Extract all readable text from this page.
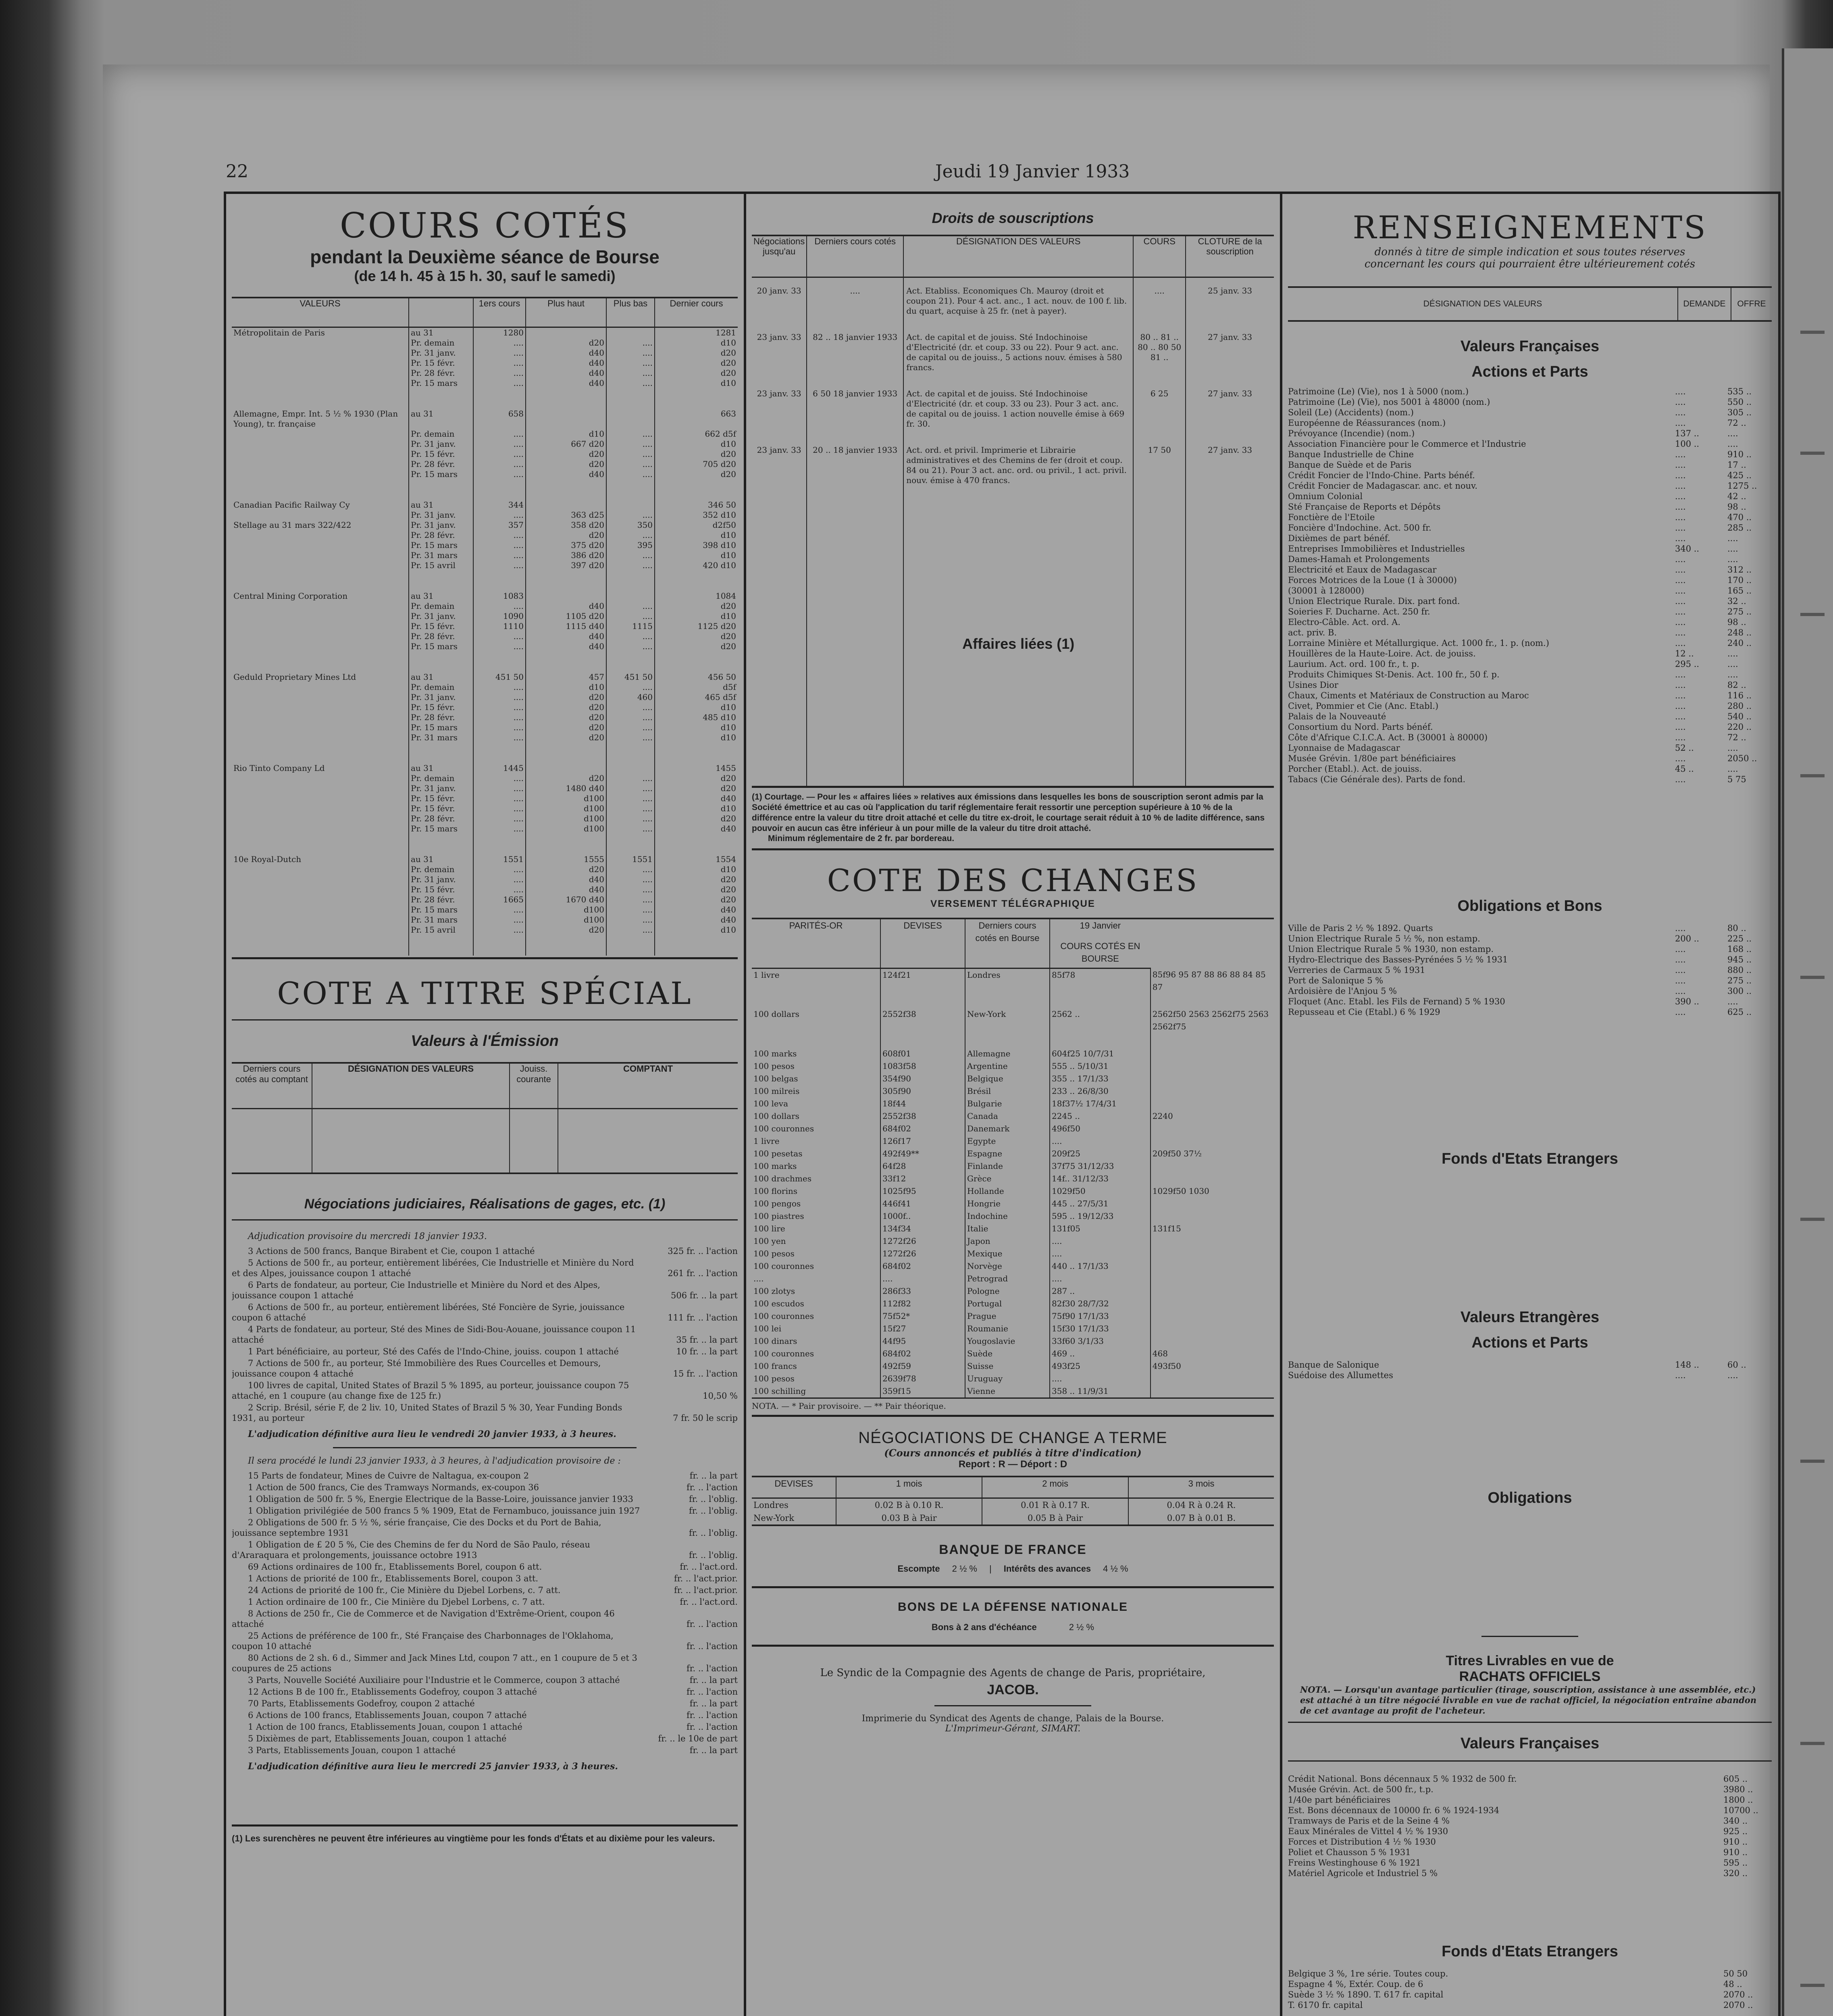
22	Jeudi 19 Janvier 1933
COURS COTÉS
pendant la Deuxième séance de Bourse
(de 14 h. 45 à 15 h. 30, sauf le samedi)
VALEURS		1ers cours	Plus haut	Plus bas	Dernier cours
Métropolitain de Paris	au 31	1280			1281
	Pr. demain	....	d20	....	d10
	Pr. 31 janv.	....	d40	....	d20
	Pr. 15 févr.	....	d40	....	d20
	Pr. 28 févr.	....	d40	....	d20
	Pr. 15 mars	....	d40	....	d10

Allemagne, Empr. Int. 5 ½ % 1930 (Plan Young), tr. française	au 31	658			663
	Pr. demain	....	d10	....	662 d5f
	Pr. 31 janv.	....	667 d20	....	d10
	Pr. 15 févr.	....	d20	....	d20
	Pr. 28 févr.	....	d20	....	705 d20
	Pr. 15 mars	....	d40	....	d20

Canadian Pacific Railway Cy	au 31	344			346 50
	Pr. 31 janv.	....	363 d25	....	352 d10
Stellage au 31 mars 322/422	Pr. 31 janv.	357	358 d20	350	d2f50
	Pr. 28 févr.	....	d20	....	d10
	Pr. 15 mars	....	375 d20	395	398 d10
	Pr. 31 mars	....	386 d20	....	d10
	Pr. 15 avril	....	397 d20	....	420 d10

Central Mining Corporation	au 31	1083			1084
	Pr. demain	....	d40	....	d20
	Pr. 31 janv.	1090	1105 d20	....	d10
	Pr. 15 févr.	1110	1115 d40	1115	1125 d20
	Pr. 28 févr.	....	d40	....	d20
	Pr. 15 mars	....	d40	....	d20

Geduld Proprietary Mines Ltd	au 31	451 50	457	451 50	456 50
	Pr. demain	....	d10	....	d5f
	Pr. 31 janv.	....	d20	460	465 d5f
	Pr. 15 févr.	....	d20	....	d10
	Pr. 28 févr.	....	d20	....	485 d10
	Pr. 15 mars	....	d20	....	d10
	Pr. 31 mars	....	d20	....	d10

Rio Tinto Company Ld	au 31	1445			1455
	Pr. demain	....	d20	....	d20
	Pr. 31 janv.	....	1480 d40	....	d20
	Pr. 15 févr.	....	d100	....	d40
	Pr. 15 févr.	....	d100	....	d10
	Pr. 28 févr.	....	d100	....	d20
	Pr. 15 mars	....	d100	....	d40

10e Royal-Dutch	au 31	1551	1555	1551	1554
	Pr. demain	....	d20	....	d10
	Pr. 31 janv.	....	d40	....	d20
	Pr. 15 févr.	....	d40	....	d20
	Pr. 28 févr.	1665	1670 d40	....	d20
	Pr. 15 mars	....	d100	....	d40
	Pr. 31 mars	....	d100	....	d40
	Pr. 15 avril	....	d20	....	d10

COTE A TITRE SPÉCIAL
Valeurs à l'Émission
Derniers cours cotés au comptant	DÉSIGNATION DES VALEURS	Jouiss. courante	COMPTANT

Négociations judiciaires, Réalisations de gages, etc. (1)
Adjudication provisoire du mercredi 18 janvier 1933.
3 Actions de 500 francs, Banque Birabent et Cie, coupon 1 attaché	325 fr. .. l'action
5 Actions de 500 fr., au porteur, entièrement libérées, Cie Industrielle et Minière du Nord et des Alpes, jouissance coupon 1 attaché	261 fr. .. l'action
6 Parts de fondateur, au porteur, Cie Industrielle et Minière du Nord et des Alpes, jouissance coupon 1 attaché	506 fr. .. la part
6 Actions de 500 fr., au porteur, entièrement libérées, Sté Foncière de Syrie, jouissance coupon 6 attaché	111 fr. .. l'action
4 Parts de fondateur, au porteur, Sté des Mines de Sidi-Bou-Aouane, jouissance coupon 11 attaché	35 fr. .. la part
1 Part bénéficiaire, au porteur, Sté des Cafés de l'Indo-Chine, jouiss. coupon 1 attaché	10 fr. .. la part
7 Actions de 500 fr., au porteur, Sté Immobilière des Rues Courcelles et Demours, jouissance coupon 4 attaché	15 fr. .. l'action
100 livres de capital, United States of Brazil 5 % 1895, au porteur, jouissance coupon 75 attaché, en 1 coupure (au change fixe de 125 fr.)	10,50 %
2 Scrip. Brésil, série F, de 2 liv. 10, United States of Brazil 5 % 30, Year Funding Bonds 1931, au porteur	7 fr. 50 le scrip
L'adjudication définitive aura lieu le vendredi 20 janvier 1933, à 3 heures.
Il sera procédé le lundi 23 janvier 1933, à 3 heures, à l'adjudication provisoire de :
15 Parts de fondateur, Mines de Cuivre de Naltagua, ex-coupon 2	fr. .. la part
1 Action de 500 francs, Cie des Tramways Normands, ex-coupon 36	fr. .. l'action
1 Obligation de 500 fr. 5 %, Energie Electrique de la Basse-Loire, jouissance janvier 1933	fr. .. l'oblig.
1 Obligation privilégiée de 500 francs 5 % 1909, Etat de Fernambuco, jouissance juin 1927	fr. .. l'oblig.
2 Obligations de 500 fr. 5 ½ %, série française, Cie des Docks et du Port de Bahia, jouissance septembre 1931	fr. .. l'oblig.
1 Obligation de £ 20 5 %, Cie des Chemins de fer du Nord de São Paulo, réseau d'Araraquara et prolongements, jouissance octobre 1913	fr. .. l'oblig.
69 Actions ordinaires de 100 fr., Etablissements Borel, coupon 6 att.	fr. .. l'act.ord.
1 Actions de priorité de 100 fr., Etablissements Borel, coupon 3 att.	fr. .. l'act.prior.
24 Actions de priorité de 100 fr., Cie Minière du Djebel Lorbens, c. 7 att.	fr. .. l'act.prior.
1 Action ordinaire de 100 fr., Cie Minière du Djebel Lorbens, c. 7 att.	fr. .. l'act.ord.
8 Actions de 250 fr., Cie de Commerce et de Navigation d'Extrême-Orient, coupon 46 attaché	fr. .. l'action
25 Actions de préférence de 100 fr., Sté Française des Charbonnages de l'Oklahoma, coupon 10 attaché	fr. .. l'action
80 Actions de 2 sh. 6 d., Simmer and Jack Mines Ltd, coupon 7 att., en 1 coupure de 5 et 3 coupures de 25 actions	fr. .. l'action
3 Parts, Nouvelle Société Auxiliaire pour l'Industrie et le Commerce, coupon 3 attaché	fr. .. la part
12 Actions B de 100 fr., Etablissements Godefroy, coupon 3 attaché	fr. .. l'action
70 Parts, Etablissements Godefroy, coupon 2 attaché	fr. .. la part
6 Actions de 100 francs, Etablissements Jouan, coupon 7 attaché	fr. .. l'action
1 Action de 100 francs, Etablissements Jouan, coupon 1 attaché	fr. .. l'action
5 Dixièmes de part, Etablissements Jouan, coupon 1 attaché	fr. .. le 10e de part
3 Parts, Etablissements Jouan, coupon 1 attaché	fr. .. la part
L'adjudication définitive aura lieu le mercredi 25 janvier 1933, à 3 heures.
(1) Les surenchères ne peuvent être inférieures au vingtième pour les fonds d'États et au dixième pour les valeurs.
Droits de souscriptions
Négociations jusqu'au	Derniers cours cotés	DÉSIGNATION DES VALEURS	COURS	CLOTURE de la souscription
20 janv. 33	....	Act. Etabliss. Economiques Ch. Mauroy (droit et coupon 21). Pour 4 act. anc., 1 act. nouv. de 100 f. lib. du quart, acquise à 25 fr. (net à payer).	....	25 janv. 33
23 janv. 33	82 .. 18 janvier 1933	Act. de capital et de jouiss. Sté Indochinoise d'Electricité (dr. et coup. 33 ou 22). Pour 9 act. anc. de capital ou de jouiss., 5 actions nouv. émises à 580 francs.	80 .. 81 .. 80 .. 80 50 81 ..	27 janv. 33
23 janv. 33	6 50 18 janvier 1933	Act. de capital et de jouiss. Sté Indochinoise d'Electricité (dr. et coup. 33 ou 23). Pour 3 act. anc. de capital ou de jouiss. 1 action nouvelle émise à 669 fr. 30.	6 25	27 janv. 33
23 janv. 33	20 .. 18 janvier 1933	Act. ord. et privil. Imprimerie et Librairie administratives et des Chemins de fer (droit et coup. 84 ou 21). Pour 3 act. anc. ord. ou privil., 1 act. privil. nouv. émise à 470 francs.	17 50	27 janv. 33

		Affaires liées (1)		

(1) Courtage. — Pour les « affaires liées » relatives aux émissions dans lesquelles les bons de souscription seront admis par la Société émettrice et au cas où l'application du tarif réglementaire ferait ressortir une perception supérieure à 10 % de la différence entre la valeur du titre droit attaché et celle du titre ex-droit, le courtage serait réduit à 10 % de ladite différence, sans pouvoir en aucun cas être inférieur à un pour mille de la valeur du titre droit attaché.
Minimum réglementaire de 2 fr. par bordereau.
COTE DES CHANGES
VERSEMENT TÉLÉGRAPHIQUE
PARITÉS-OR	DEVISES	Derniers cours cotés en Bourse	19 Janvier
COURS COTÉS EN BOURSE	

1 livre	124f21	Londres	85f78	85f96 95 87 88 86 88 84 85 87
100 dollars	2552f38	New-York	2562 ..	2562f50 2563 2562f75 2563 2562f75
100 marks	608f01	Allemagne	604f25 10/7/31	
100 pesos	1083f58	Argentine	555 .. 5/10/31	
100 belgas	354f90	Belgique	355 .. 17/1/33	
100 milreis	305f90	Brésil	233 .. 26/8/30	
100 leva	18f44	Bulgarie	18f37½ 17/4/31	
100 dollars	2552f38	Canada	2245 ..	2240
100 couronnes	684f02	Danemark	496f50	
1 livre	126f17	Egypte	....	
100 pesetas	492f49**	Espagne	209f25	209f50 37½
100 marks	64f28	Finlande	37f75 31/12/33	
100 drachmes	33f12	Grèce	14f.. 31/12/33	
100 florins	1025f95	Hollande	1029f50	1029f50 1030
100 pengos	446f41	Hongrie	445 .. 27/5/31	
100 piastres	1000f..	Indochine	595 .. 19/12/33	
100 lire	134f34	Italie	131f05	131f15
100 yen	1272f26	Japon	....	
100 pesos	1272f26	Mexique	....	
100 couronnes	684f02	Norvège	440 .. 17/1/33	
....	....	Petrograd	....	
100 zlotys	286f33	Pologne	287 ..	
100 escudos	112f82	Portugal	82f30 28/7/32	
100 couronnes	75f52*	Prague	75f90 17/1/33	
100 lei	15f27	Roumanie	15f30 17/1/33	
100 dinars	44f95	Yougoslavie	33f60 3/1/33	
100 couronnes	684f02	Suède	469 ..	468
100 francs	492f59	Suisse	493f25	493f50
100 pesos	2639f78	Uruguay	....	
100 schilling	359f15	Vienne	358 .. 11/9/31	
NOTA. — * Pair provisoire. — ** Pair théorique.
NÉGOCIATIONS DE CHANGE A TERME
(Cours annoncés et publiés à titre d'indication)
Report : R — Déport : D
DEVISES	1 mois	2 mois	3 mois
Londres	0.02 B à 0.10 R.	0.01 R à 0.17 R.	0.04 R à 0.24 R.
New-York	0.03 B à Pair	0.05 B à Pair	0.07 B à 0.01 B.
BANQUE DE FRANCE
Escompte 2 ½ % | Intérêts des avances 4 ½ %
BONS DE LA DÉFENSE NATIONALE
Bons à 2 ans d'échéance	2 ½ %
Le Syndic de la Compagnie des Agents de change de Paris, propriétaire,
JACOB.
Imprimerie du Syndicat des Agents de change, Palais de la Bourse.
L'Imprimeur-Gérant, SIMART.
RENSEIGNEMENTS
donnés à titre de simple indication et sous toutes réserves
concernant les cours qui pourraient être ultérieurement cotés
DÉSIGNATION DES VALEURS	DEMANDE	OFFRE
Valeurs Françaises
Actions et Parts
Patrimoine (Le) (Vie), nos 1 à 5000 (nom.)	....	535 ..
Patrimoine (Le) (Vie), nos 5001 à 48000 (nom.)	....	550 ..
Soleil (Le) (Accidents) (nom.)	....	305 ..
Européenne de Réassurances (nom.)	....	72 ..
Prévoyance (Incendie) (nom.)	137 ..	....
Association Financière pour le Commerce et l'Industrie	100 ..	....
Banque Industrielle de Chine	....	910 ..
Banque de Suède et de Paris	....	17 ..
Crédit Foncier de l'Indo-Chine. Parts bénéf.	....	425 ..
Crédit Foncier de Madagascar. anc. et nouv.	....	1275 ..
Omnium Colonial	....	42 ..
Sté Française de Reports et Dépôts	....	98 ..
Fonctière de l'Etoile	....	470 ..
Foncière d'Indochine. Act. 500 fr.	....	285 ..
Dixièmes de part bénéf.	....	....
Entreprises Immobilières et Industrielles	340 ..	....
Dames-Hamah et Prolongements	....	....
Electricité et Eaux de Madagascar	....	312 ..
Forces Motrices de la Loue (1 à 30000)	....	170 ..
(30001 à 128000)	....	165 ..
Union Electrique Rurale. Dix. part fond.	....	32 ..
Soieries F. Ducharne. Act. 250 fr.	....	275 ..
Electro-Câble. Act. ord. A.	....	98 ..
act. priv. B.	....	248 ..
Lorraine Minière et Métallurgique. Act. 1000 fr., 1. p. (nom.)	....	240 ..
Houillères de la Haute-Loire. Act. de jouiss.	12 ..	....
Laurium. Act. ord. 100 fr., t. p.	295 ..	....
Produits Chimiques St-Denis. Act. 100 fr., 50 f. p.	....	....
Usines Dior	....	82 ..
Chaux, Ciments et Matériaux de Construction au Maroc	....	116 ..
Civet, Pommier et Cie (Anc. Etabl.)	....	280 ..
Palais de la Nouveauté	....	540 ..
Consortium du Nord. Parts bénéf.	....	220 ..
Côte d'Afrique C.I.C.A. Act. B (30001 à 80000)	....	72 ..
Lyonnaise de Madagascar	52 ..	....
Musée Grévin. 1/80e part bénéficiaires	....	2050 ..
Porcher (Etabl.). Act. de jouiss.	45 ..	....
Tabacs (Cie Générale des). Parts de fond.	....	5 75
Obligations et Bons
Ville de Paris 2 ½ % 1892. Quarts	....	80 ..
Union Electrique Rurale 5 ½ %, non estamp.	200 ..	225 ..
Union Electrique Rurale 5 % 1930, non estamp.	....	168 ..
Hydro-Electrique des Basses-Pyrénées 5 ½ % 1931	....	945 ..
Verreries de Carmaux 5 % 1931	....	880 ..
Port de Salonique 5 %	....	275 ..
Ardoisière de l'Anjou 5 %	....	300 ..
Floquet (Anc. Etabl. les Fils de Fernand) 5 % 1930	390 ..	....
Repusseau et Cie (Etabl.) 6 % 1929	....	625 ..
Fonds d'Etats Etrangers
Valeurs Etrangères
Actions et Parts
Banque de Salonique	148 ..	60 ..
Suédoise des Allumettes	....	....
Obligations
Titres Livrables en vue de
RACHATS OFFICIELS
NOTA. — Lorsqu'un avantage particulier (tirage, souscription, assistance à une assemblée, etc.) est attaché à un titre négocié livrable en vue de rachat officiel, la négociation entraîne abandon de cet avantage au profit de l'acheteur.
Valeurs Françaises
Crédit National. Bons décennaux 5 % 1932 de 500 fr.	605 ..
Musée Grévin. Act. de 500 fr., t.p.	3980 ..
1/40e part bénéficiaires	1800 ..
Est. Bons décennaux de 10000 fr. 6 % 1924-1934	10700 ..
Tramways de Paris et de la Seine 4 %	340 ..
Eaux Minérales de Vittel 4 ½ % 1930	925 ..
Forces et Distribution 4 ½ % 1930	910 ..
Poliet et Chausson 5 % 1931	910 ..
Freins Westinghouse 6 % 1921	595 ..
Matériel Agricole et Industriel 5 %	320 ..
Fonds d'Etats Etrangers
Belgique 3 %, 1re série. Toutes coup.	50 50
Espagne 4 %, Extér. Coup. de 6	48 ..
Suède 3 ½ % 1890. T. 617 fr. capital	2070 ..
T. 6170 fr. capital	2070 ..
